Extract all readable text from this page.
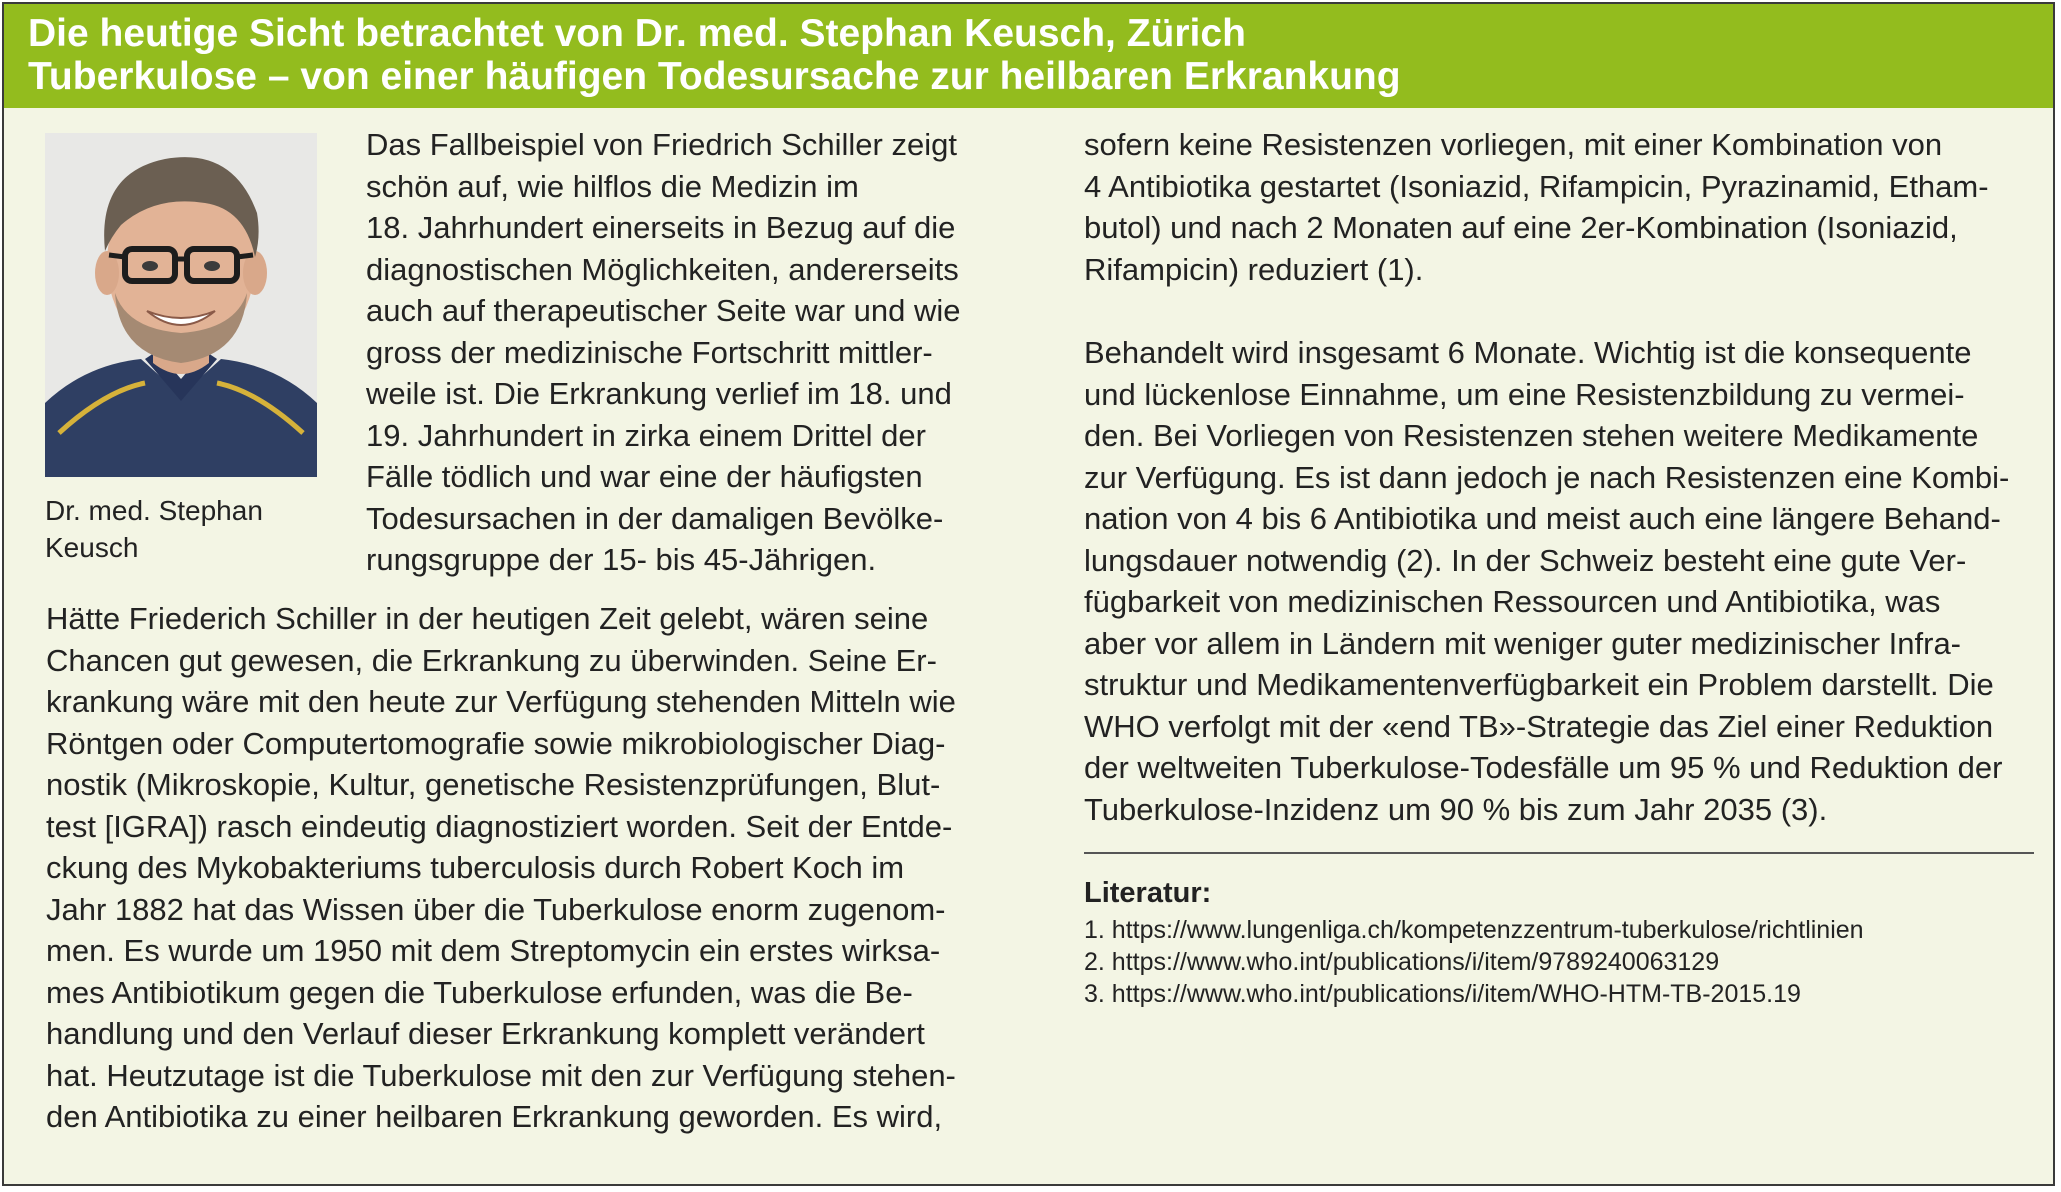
Die heutige Sicht betrachtet von Dr. med. Stephan Keusch, Zürich
Tuberkulose – von einer häufigen Todesursache zur heilbaren Erkrankung
Dr. med. Stephan
Keusch
Das Fallbeispiel von Friedrich Schiller zeigt
schön auf, wie hilflos die Medizin im
18. Jahrhundert einerseits in Bezug auf die
diagnostischen Möglichkeiten, andererseits
auch auf therapeutischer Seite war und wie
gross der medizinische Fortschritt mittler-
weile ist. Die Erkrankung verlief im 18. und
19. Jahrhundert in zirka einem Drittel der
Fälle tödlich und war eine der häufigsten
Todesursachen in der damaligen Bevölke-
rungsgruppe der 15- bis 45-Jährigen.
Hätte Friederich Schiller in der heutigen Zeit gelebt, wären seine
Chancen gut gewesen, die Erkrankung zu überwinden. Seine Er-
krankung wäre mit den heute zur Verfügung stehenden Mitteln wie
Röntgen oder Computertomografie sowie mikrobiologischer Diag-
nostik (Mikroskopie, Kultur, genetische Resistenzprüfungen, Blut-
test [IGRA]) rasch eindeutig diagnostiziert worden. Seit der Entde-
ckung des Mykobakteriums tuberculosis durch Robert Koch im
Jahr 1882 hat das Wissen über die Tuberkulose enorm zugenom-
men. Es wurde um 1950 mit dem Streptomycin ein erstes wirksa-
mes Antibiotikum gegen die Tuberkulose erfunden, was die Be-
handlung und den Verlauf dieser Erkrankung komplett verändert
hat. Heutzutage ist die Tuberkulose mit den zur Verfügung stehen-
den Antibiotika zu einer heilbaren Erkrankung geworden. Es wird,
sofern keine Resistenzen vorliegen, mit einer Kombination von
4 Antibiotika gestartet (Isoniazid, Rifampicin, Pyrazinamid, Etham-
butol) und nach 2 Monaten auf eine 2er-Kombination (Isoniazid,
Rifampicin) reduziert (1).
Behandelt wird insgesamt 6 Monate. Wichtig ist die konsequente
und lückenlose Einnahme, um eine Resistenzbildung zu vermei-
den. Bei Vorliegen von Resistenzen stehen weitere Medikamente
zur Verfügung. Es ist dann jedoch je nach Resistenzen eine Kombi-
nation von 4 bis 6 Antibiotika und meist auch eine längere Behand-
lungsdauer notwendig (2). In der Schweiz besteht eine gute Ver-
fügbarkeit von medizinischen Ressourcen und Antibiotika, was
aber vor allem in Ländern mit weniger guter medizinischer Infra-
struktur und Medikamentenverfügbarkeit ein Problem darstellt. Die
WHO verfolgt mit der «end TB»-Strategie das Ziel einer Reduktion
der weltweiten Tuberkulose-Todesfälle um 95 % und Reduktion der
Tuberkulose-Inzidenz um 90 % bis zum Jahr 2035 (3).
Literatur:
1. https://www.lungenliga.ch/kompetenzzentrum-tuberkulose/richtlinien
2. https://www.who.int/publications/i/item/9789240063129
3. https://www.who.int/publications/i/item/WHO-HTM-TB-2015.19
